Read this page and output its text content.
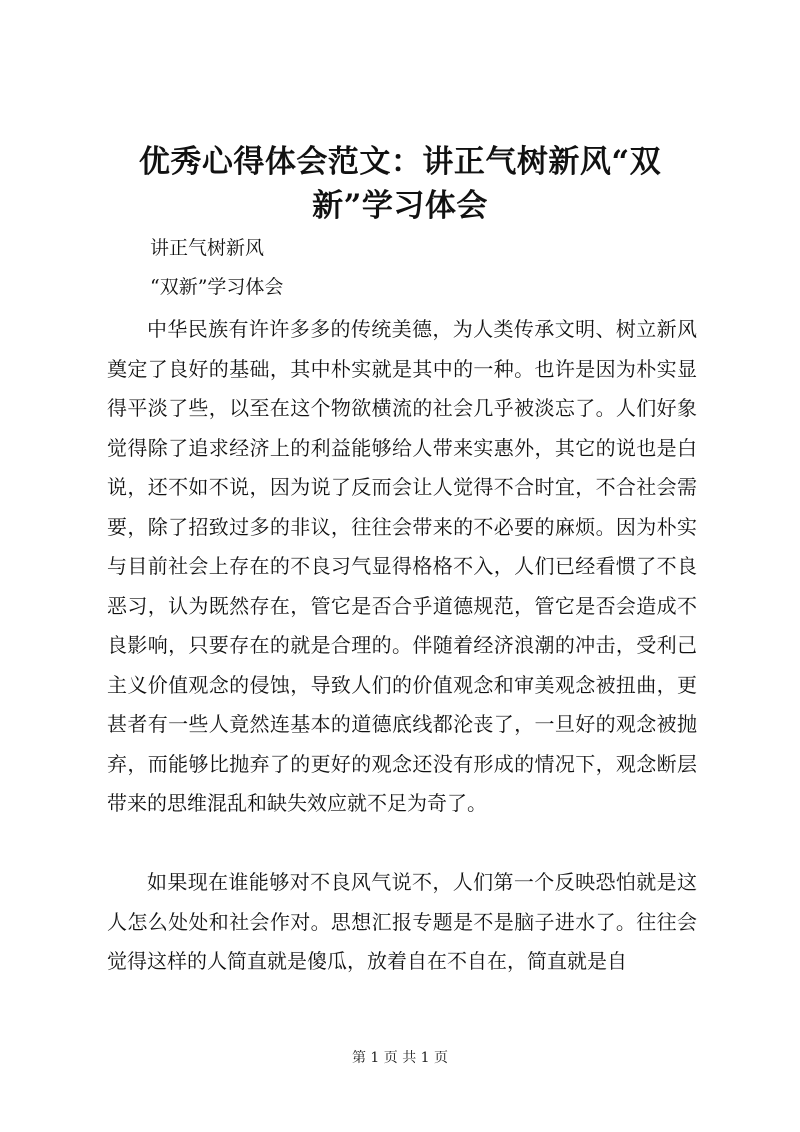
优秀心得体会范文：讲正气树新风“双新”学习体会

讲正气树新风

“双新”学习体会

中华民族有许许多多的传统美德，为人类传承文明、树立新风奠定了良好的基础，其中朴实就是其中的一种。也许是因为朴实显得平淡了些，以至在这个物欲横流的社会几乎被淡忘了。人们好象觉得除了追求经济上的利益能够给人带来实惠外，其它的说也是白说，还不如不说，因为说了反而会让人觉得不合时宜，不合社会需要，除了招致过多的非议，往往会带来的不必要的麻烦。因为朴实与目前社会上存在的不良习气显得格格不入，人们已经看惯了不良恶习，认为既然存在，管它是否合乎道德规范，管它是否会造成不良影响，只要存在的就是合理的。伴随着经济浪潮的冲击，受利己主义价值观念的侵蚀，导致人们的价值观念和审美观念被扭曲，更甚者有一些人竟然连基本的道德底线都沦丧了，一旦好的观念被抛弃，而能够比抛弃了的更好的观念还没有形成的情况下，观念断层带来的思维混乱和缺失效应就不足为奇了。

如果现在谁能够对不良风气说不，人们第一个反映恐怕就是这人怎么处处和社会作对。思想汇报专题是不是脑子进水了。往往会觉得这样的人简直就是傻瓜，放着自在不自在，简直就是自

第 1 页 共 1 页
